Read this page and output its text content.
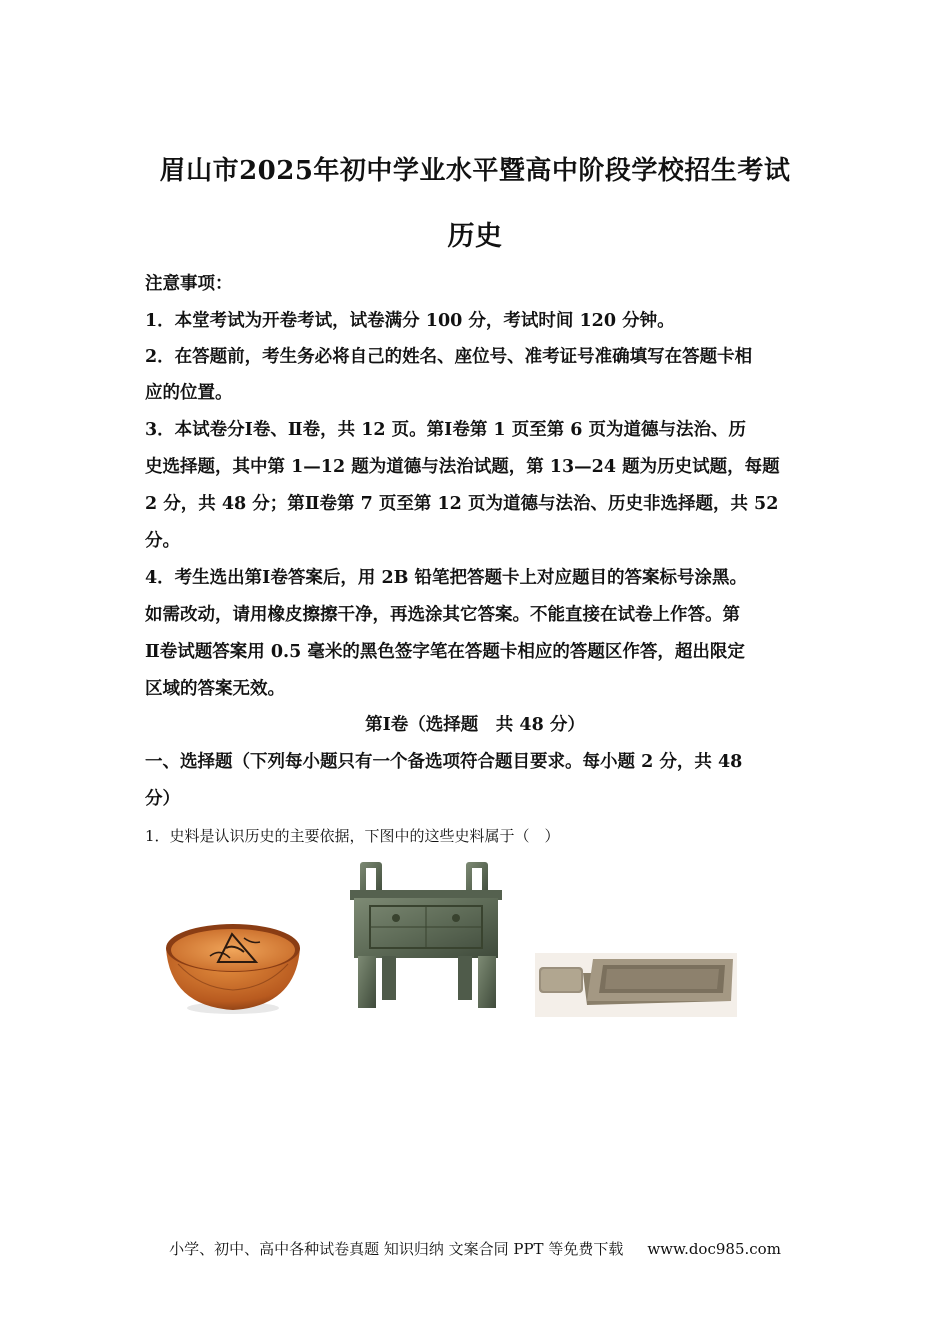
眉山市2025年初中学业水平暨高中阶段学校招生考试
历史
注意事项：
1．本堂考试为开卷考试，试卷满分 100 分，考试时间 120 分钟。
2．在答题前，考生务必将自己的姓名、座位号、准考证号准确填写在答题卡相
应的位置。
3．本试卷分Ⅰ卷、Ⅱ卷，共 12 页。第Ⅰ卷第 1 页至第 6 页为道德与法治、历
史选择题，其中第 1—12 题为道德与法治试题，第 13—24 题为历史试题，每题
2 分，共 48 分；第Ⅱ卷第 7 页至第 12 页为道德与法治、历史非选择题，共 52
分。
4．考生选出第Ⅰ卷答案后，用 2B 铅笔把答题卡上对应题目的答案标号涂黑。
如需改动，请用橡皮擦擦干净，再选涂其它答案。不能直接在试卷上作答。第
Ⅱ卷试题答案用 0.5 毫米的黑色签字笔在答题卡相应的答题区作答，超出限定
区域的答案无效。
第Ⅰ卷（选择题　共 48 分）
一、选择题（下列每小题只有一个备选项符合题目要求。每小题 2 分，共 48
分）
1．史料是认识历史的主要依据，下图中的这些史料属于（　）
小学、初中、高中各种试卷真题 知识归纳 文案合同 PPT 等免费下载 www.doc985.com
